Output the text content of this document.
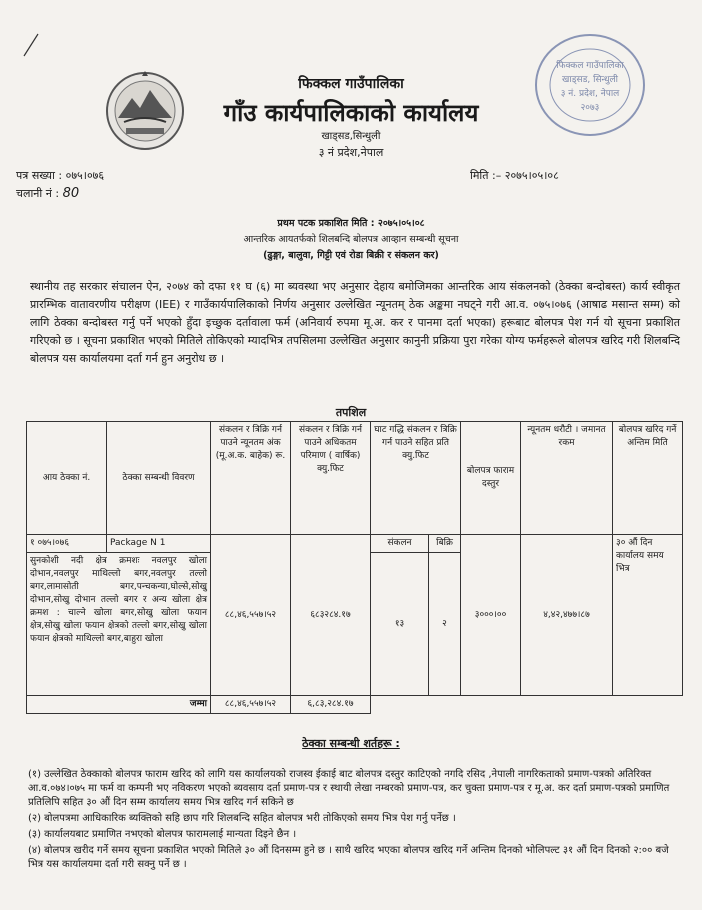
फिक्कल गाउँपालिका
खाड्सड, सिन्धुली
३ नं. प्रदेश, नेपाल
२०७३
फिक्कल गाउँपालिका
गाँउ कार्यपालिकाको कार्यालय
खाड्सड,सिन्धुली
३ नं प्रदेश,नेपाल
पत्र सख्या : ०७५।०७६
चलानी नं : 80
मिति :– २०७५।०५।०८
प्रथम पटक प्रकाशित मिति : २०७५।०५।०८
आन्तरिक आयतर्फको शिलबन्दि बोलपत्र आव्हान सम्बन्धी सूचना
(ढुङ्गा, बालुवा, गिट्टी एवं रोडा बिक्री र संकलन कर)
स्थानीय तह सरकार संचालन ऐन, २०७४ को दफा ११ घ (६) मा ब्यवस्था भए अनुसार देहाय बमोजिमका आन्तरिक आय संकलनको (ठेक्का बन्दोबस्त) कार्य स्वीकृत प्रारम्भिक वातावरणीय परीक्षण (IEE) र गाउँकार्यपालिकाको निर्णय अनुसार उल्लेखित न्यूनतम् ठेक अङ्कमा नघट्ने गरी आ.व. ०७५।०७६ (आषाढ मसान्त सम्म) को लागि ठेक्का बन्दोबस्त गर्नु पर्ने भएकाे हुँदा इच्छुक दर्तावाला फर्म (अनिवार्य रुपमा मू.अ. कर र पानमा दर्ता भएका) हरूबाट बोलपत्र पेश गर्न यो सूचना प्रकाशित गरिएको छ । सूचना प्रकाशित भएको मितिले तोकिएको म्यादभित्र तपसिलमा उल्लेखित अनुसार कानुनी प्रक्रिया पुरा गरेका योग्य फर्महरूले बोलपत्र खरिद गरी शिलबन्दि बोलपत्र यस कार्यालयमा दर्ता गर्न हुन अनुरोध छ ।
तपशिल
आय ठेक्का नं.	ठेक्का सम्बन्धी विवरण	संकलन र त्रिक्रि गर्न पाउने न्यूनतम अंक (मू.अ.क. बाहेक) रू.	संकलन र त्रिक्रि गर्न पाउने अधिकतम परिमाण ( वार्षिक) क्यु.फिट	घाट गद्धि संकलन र त्रिक्रि गर्न पाउने सहित प्रति क्यु.फिट		बोलपत्र फाराम दस्तुर	न्यूनतम धरौटी । जमानत रकम	बोलपत्र खरिद गर्ने अन्तिम मिति
१ ०७५।०७६	Package N 1	८८,४६,५५७।५२	६८३२८४.१७	संकलन	बिक्रि	३०००।००	४,४२,४७७।८७	३० औं दिन कार्यालय समय भित्र
सुनकोशी नदी क्षेत्र क्रमशः नवलपुर खोला दोभान,नवलपुर माथिल्लो बगर,नवलपुर तल्लो बगर,लामासोती बगर,पन्चकन्या,घोल्से,सोखु दोभान,सोखु दोभान तल्लो बगर र अन्य खोला क्षेत्र क्रमश : चाल्ने खोला बगर,सोखु खोला फयान क्षेत्र,सोखु खोला फयान क्षेत्रको तल्लो बगर,सोखु खोला फयान क्षेत्रको माथिल्लो बगर,बाहुरा खोला				१३	२			
जम्मा		८८,४६,५५७।५२	६,८३,२८४.१७					
ठेक्का सम्बन्धी शर्तहरू :
(१) उल्लेखित ठेक्काको बोलपत्र फाराम खरिद को लागि यस कार्यालयको राजस्व ईकाई बाट बोलपत्र दस्तुर काटिएको नगदि रसिद ,नेपाली नागरिकताको प्रमाण-पत्रको अतिरिक्त आ.व.०७४।०७५ मा फर्म वा कम्पनी भए नविकरण भएको ब्यवसाय दर्ता प्रमाण-पत्र र स्थायी लेखा नम्बरको प्रमाण-पत्र, कर चुक्ता प्रमाण-पत्र र मू.अ. कर दर्ता प्रमाण-पत्रको प्रमाणित प्रतिलिपि सहित ३० औं दिन सम्म कार्यालय समय भित्र खरिद गर्न सकिने छ
(२) बोलपत्रमा आधिकारिक ब्यक्तिको सहि छाप गरि शिलबन्दि सहित बोलपत्र भरी तोकिएको समय भित्र पेश गर्नु पर्नेछ ।
(३) कार्यालयबाट प्रमाणित नभएको बोलपत्र फारामलाई मान्यता दिइने छैन ।
(४) बोलपत्र खरीद गर्ने समय सूचना प्रकाशित भएको मितिले ३० औं दिनसम्म हुने छ । साथै खरिद भएका बोलपत्र खरिद गर्ने अन्तिम दिनको भोलिपल्ट ३१ औं दिन दिनको २:०० बजे भित्र यस कार्यालयमा दर्ता गरी सक्नु पर्ने छ ।
